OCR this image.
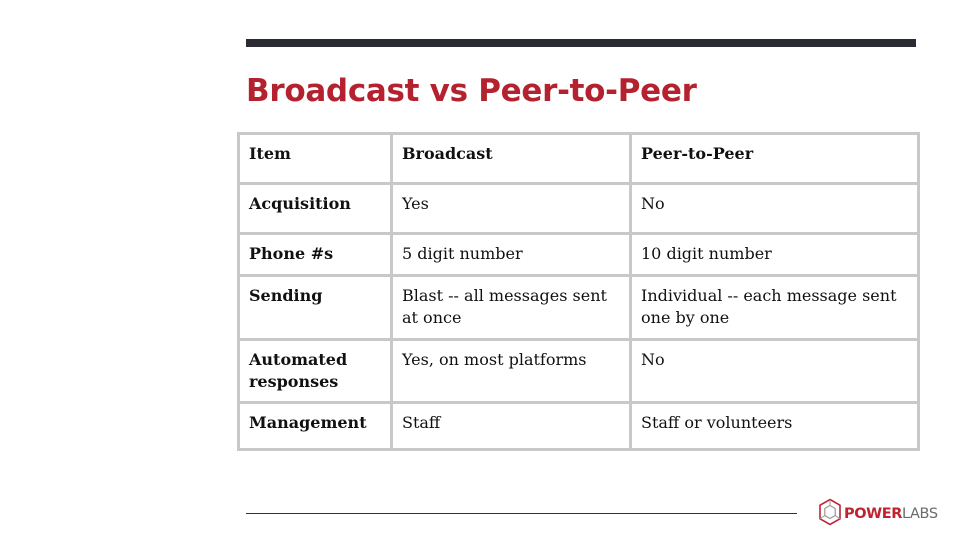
Broadcast vs Peer-to-Peer
Item	Broadcast	Peer-to-Peer
Acquisition	Yes	No
Phone #s	5 digit number	10 digit number
Sending	Blast -- all messages sent at once	Individual -- each message sent one by one
Automated responses	Yes, on most platforms	No
Management	Staff	Staff or volunteers
POWERLABS
